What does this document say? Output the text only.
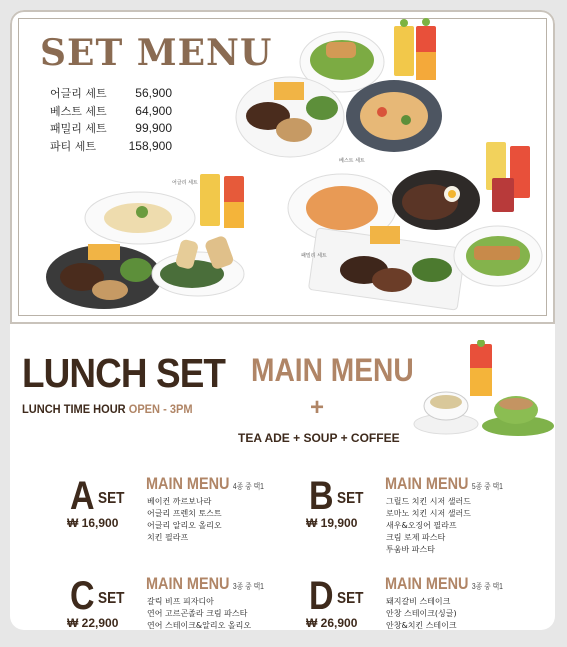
SET MENU
어글리 세트 56,900
베스트 세트 64,900
패밀리 세트 99,900
파티 세트	158,900
베스트 세트
어글리 세트
패밀리 세트
LUNCH SET
LUNCH TIME HOUR OPEN - 3PM
MAIN MENU
+
TEA ADE + SOUP + COFFEE
A SET
₩ 16,900
MAIN MENU 4종 중 택1
베이컨 까르보나라
어글리 프렌치 토스트
어글리 알리오 올리오
치킨 필라프
B SET
₩ 19,900
MAIN MENU 5종 중 택1
그릴드 치킨 시저 샐러드
로마노 치킨 시저 샐러드
새우&오징어 필라프
크림 로제 파스타
투움바 파스타
C SET
₩ 22,900
MAIN MENU 3종 중 택1
갈릭 비프 피자디아
연어 고르곤졸라 크림 파스타
연어 스테이크&알리오 올리오
D SET
₩ 26,900
MAIN MENU 3종 중 택1
돼지갈비 스테이크
안창 스테이크(싱글)
안창&치킨 스테이크
